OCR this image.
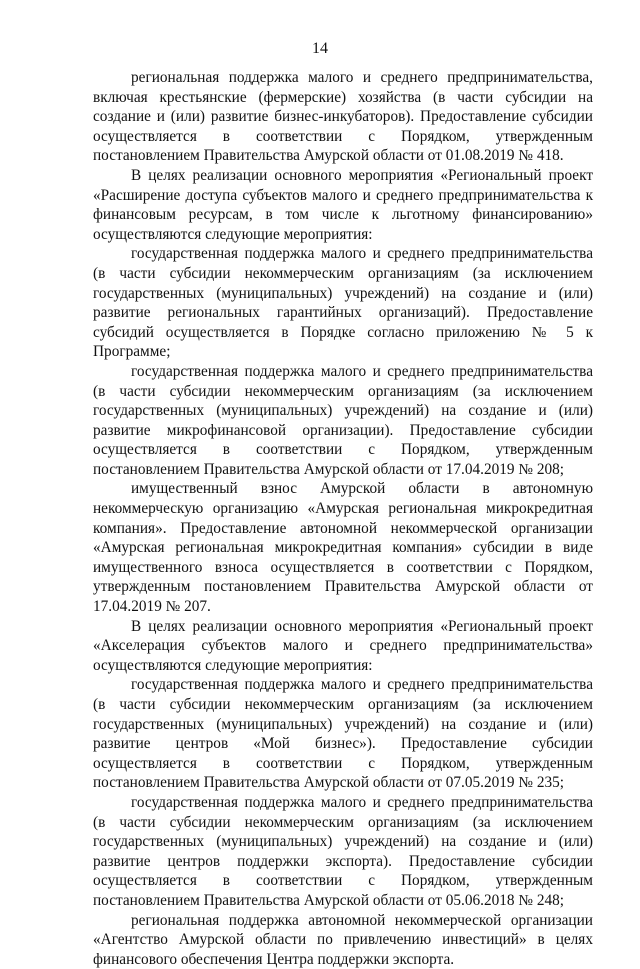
14

региональная поддержка малого и среднего предпринимательства, включая крестьянские (фермерские) хозяйства (в части субсидии на создание и (или) развитие бизнес-инкубаторов). Предоставление субсидии осуществляется в соответствии с Порядком, утвержденным постановлением Правительства Амурской области от 01.08.2019 № 418.

В целях реализации основного мероприятия «Региональный проект «Расширение доступа субъектов малого и среднего предпринимательства к финансовым ресурсам, в том числе к льготному финансированию» осуществляются следующие мероприятия:

государственная поддержка малого и среднего предпринимательства (в части субсидии некоммерческим организациям (за исключением государственных (муниципальных) учреждений) на создание и (или) развитие региональных гарантийных организаций). Предоставление субсидий осуществляется в Порядке согласно приложению № 5 к Программе;

государственная поддержка малого и среднего предпринимательства (в части субсидии некоммерческим организациям (за исключением государственных (муниципальных) учреждений) на создание и (или) развитие микрофинансовой организации). Предоставление субсидии осуществляется в соответствии с Порядком, утвержденным постановлением Правительства Амурской области от 17.04.2019 № 208;

имущественный взнос Амурской области в автономную некоммерческую организацию «Амурская региональная микрокредитная компания». Предоставление автономной некоммерческой организации «Амурская региональная микрокредитная компания» субсидии в виде имущественного взноса осуществляется в соответствии с Порядком, утвержденным постановлением Правительства Амурской области от 17.04.2019 № 207.

В целях реализации основного мероприятия «Региональный проект «Акселерация субъектов малого и среднего предпринимательства» осуществляются следующие мероприятия:

государственная поддержка малого и среднего предпринимательства (в части субсидии некоммерческим организациям (за исключением государственных (муниципальных) учреждений) на создание и (или) развитие центров «Мой бизнес»). Предоставление субсидии осуществляется в соответствии с Порядком, утвержденным постановлением Правительства Амурской области от 07.05.2019 № 235;

государственная поддержка малого и среднего предпринимательства (в части субсидии некоммерческим организациям (за исключением государственных (муниципальных) учреждений) на создание и (или) развитие центров поддержки экспорта). Предоставление субсидии осуществляется в соответствии с Порядком, утвержденным постановлением Правительства Амурской области от 05.06.2018 № 248;

региональная поддержка автономной некоммерческой организации «Агентство Амурской области по привлечению инвестиций» в целях финансового обеспечения Центра поддержки экспорта.
